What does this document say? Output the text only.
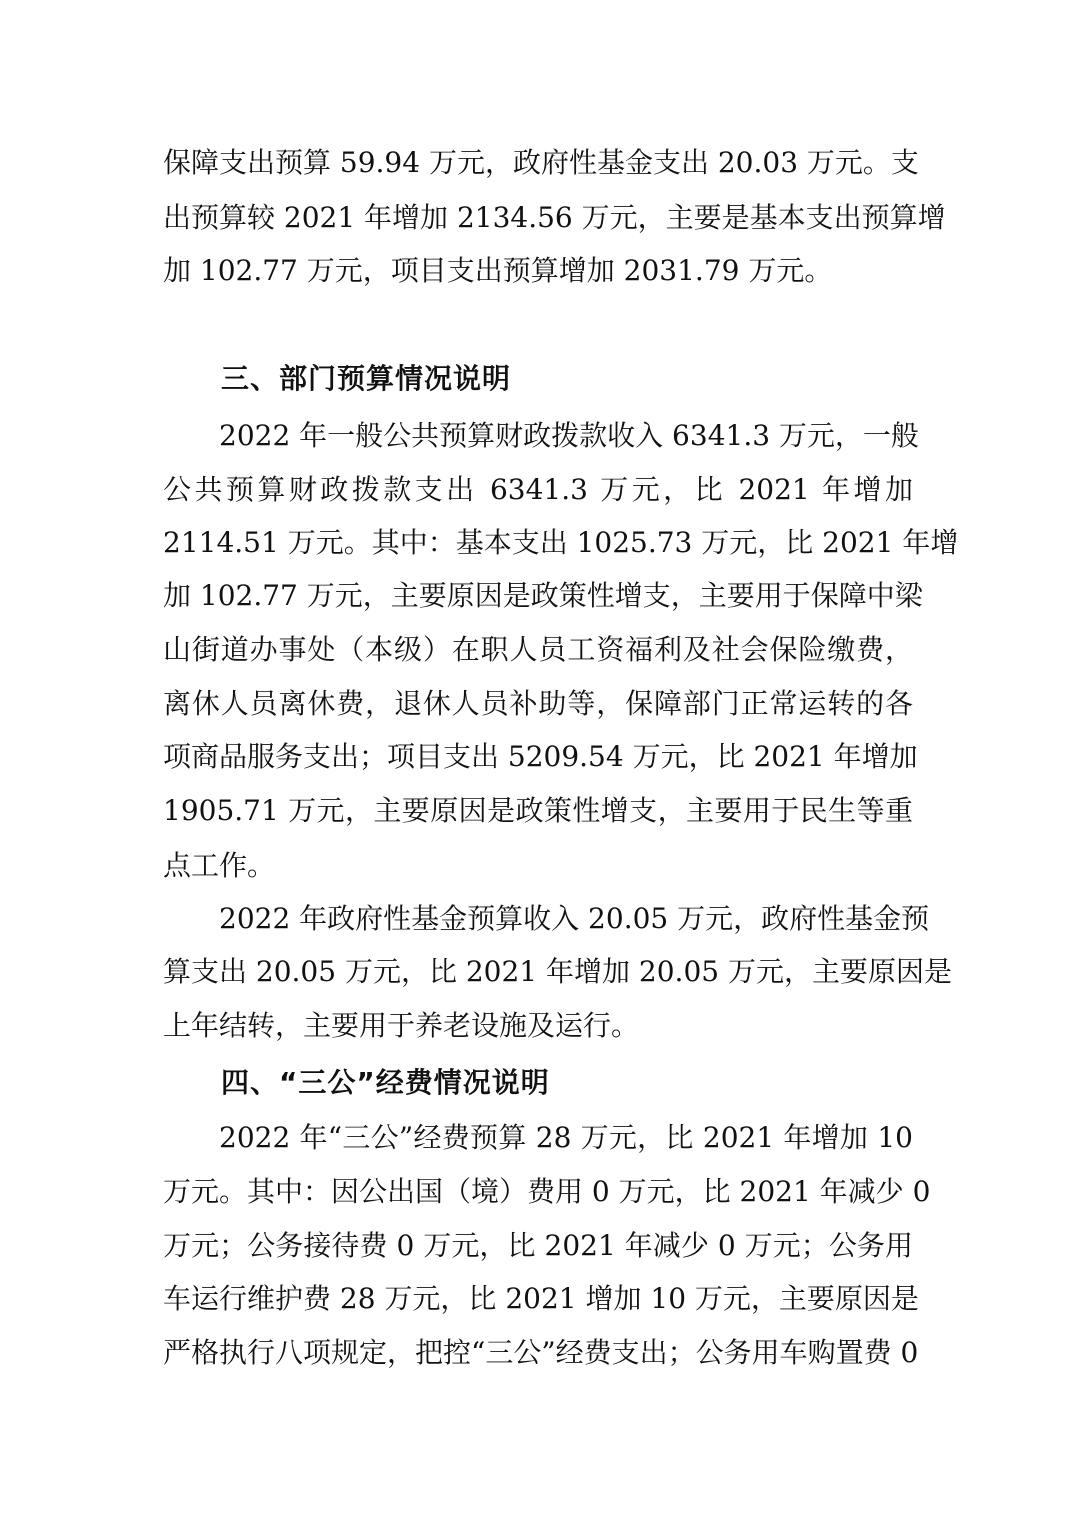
保障支出预算 59.94 万元，政府性基金支出 20.03 万元。支
出预算较 2021 年增加 2134.56 万元，主要是基本支出预算增
加 102.77 万元，项目支出预算增加 2031.79 万元。
三、部门预算情况说明
2022 年一般公共预算财政拨款收入 6341.3 万元，一般
公共预算财政拨款支出 6341.3 万元，比 2021 年增加
2114.51 万元。其中：基本支出 1025.73 万元，比 2021 年增
加 102.77 万元，主要原因是政策性增支，主要用于保障中梁
山街道办事处（本级）在职人员工资福利及社会保险缴费，
离休人员离休费，退休人员补助等，保障部门正常运转的各
项商品服务支出；项目支出 5209.54 万元，比 2021 年增加
1905.71 万元，主要原因是政策性增支，主要用于民生等重
点工作。
2022 年政府性基金预算收入 20.05 万元，政府性基金预
算支出 20.05 万元，比 2021 年增加 20.05 万元，主要原因是
上年结转，主要用于养老设施及运行。
四、“三公”经费情况说明
2022 年“三公”经费预算 28 万元，比 2021 年增加 10
万元。其中：因公出国（境）费用 0 万元，比 2021 年减少 0
万元；公务接待费 0 万元，比 2021 年减少 0 万元；公务用
车运行维护费 28 万元，比 2021 增加 10 万元，主要原因是
严格执行八项规定，把控“三公”经费支出；公务用车购置费 0
